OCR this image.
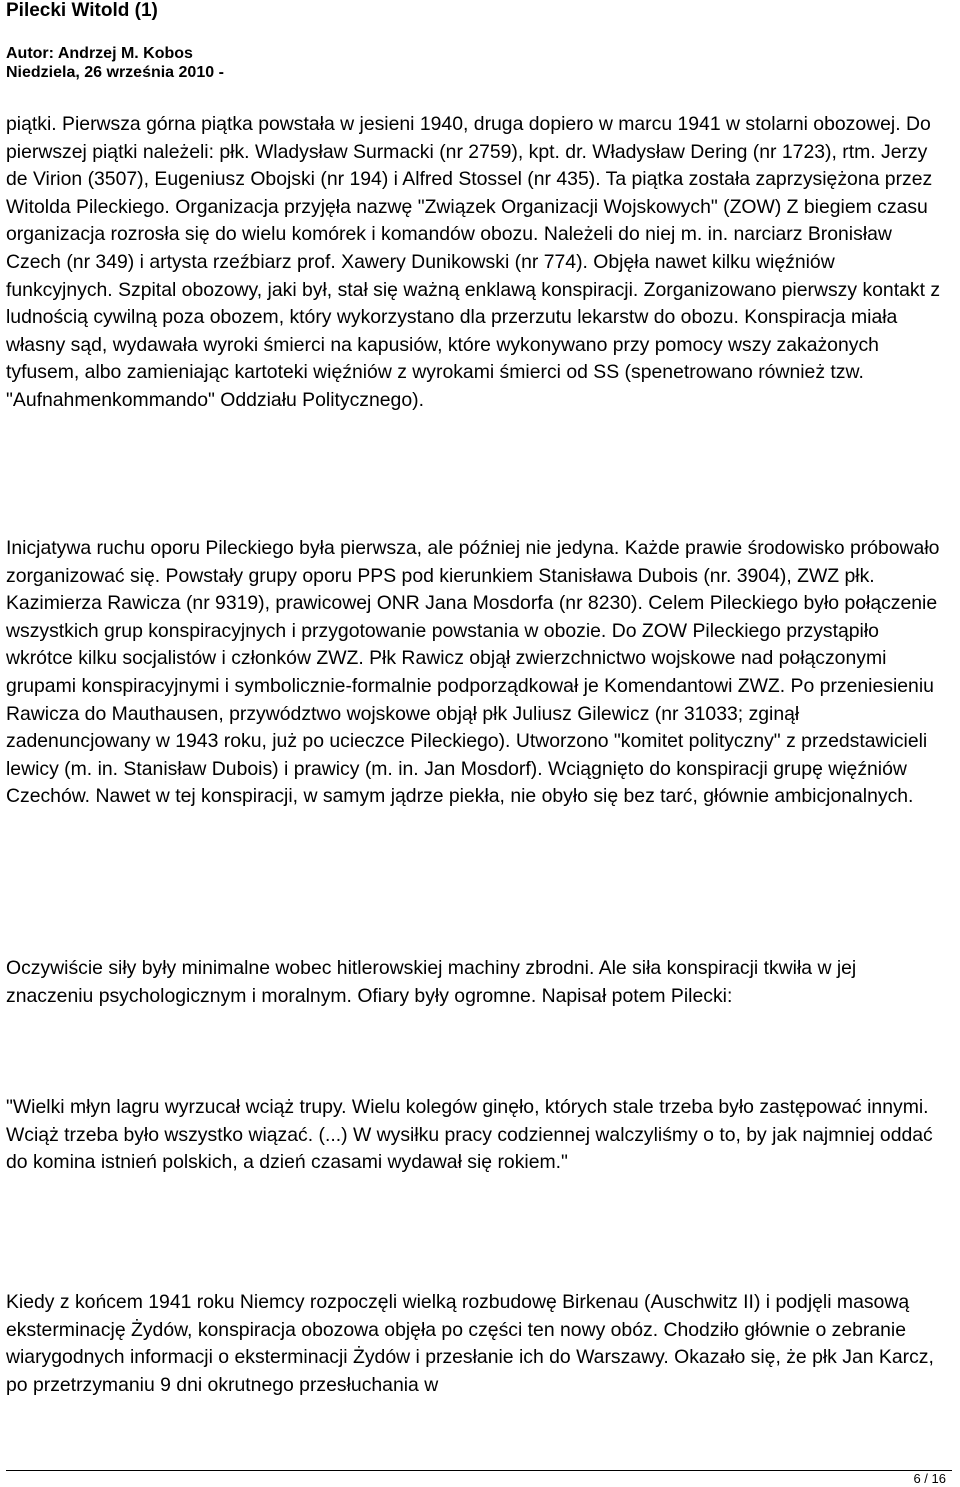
Pilecki Witold (1)
Autor: Andrzej M. Kobos
Niedziela, 26 września 2010 -

piątki. Pierwsza górna piątka powstała w jesieni 1940, druga dopiero w marcu 1941 w stolarni obozowej. Do pierwszej piątki należeli: płk. Wladysław Surmacki (nr 2759), kpt. dr. Władysław Dering (nr 1723), rtm. Jerzy de Virion (3507), Eugeniusz Obojski (nr 194) i Alfred Stossel (nr 435). Ta piątka została zaprzysiężona przez Witolda Pileckiego. Organizacja przyjęła nazwę "Związek Organizacji Wojskowych" (ZOW) Z biegiem czasu organizacja rozrosła się do wielu komórek i komandów obozu. Należeli do niej m. in. narciarz Bronisław Czech (nr 349) i artysta rzeźbiarz prof. Xawery Dunikowski (nr 774). Objęła nawet kilku więźniów funkcyjnych. Szpital obozowy, jaki był, stał się ważną enklawą konspiracji. Zorganizowano pierwszy kontakt z ludnością cywilną poza obozem, który wykorzystano dla przerzutu lekarstw do obozu. Konspiracja miała własny sąd, wydawała wyroki śmierci na kapusiów, które wykonywano przy pomocy wszy zakażonych tyfusem, albo zamieniając kartoteki więźniów z wyrokami śmierci od SS (spenetrowano również tzw. "Aufnahmenkommando" Oddziału Politycznego).

Inicjatywa ruchu oporu Pileckiego była pierwsza, ale później nie jedyna. Każde prawie środowisko próbowało zorganizować się. Powstały grupy oporu PPS pod kierunkiem Stanisława Dubois (nr. 3904), ZWZ płk. Kazimierza Rawicza (nr 9319), prawicowej ONR Jana Mosdorfa (nr 8230). Celem Pileckiego było połączenie wszystkich grup konspiracyjnych i przygotowanie powstania w obozie. Do ZOW Pileckiego przystąpiło wkrótce kilku socjalistów i członków ZWZ. Płk Rawicz objął zwierzchnictwo wojskowe nad połączonymi grupami konspiracyjnymi i symbolicznie-formalnie podporządkował je Komendantowi ZWZ. Po przeniesieniu Rawicza do Mauthausen, przywództwo wojskowe objął płk Juliusz Gilewicz (nr 31033; zginął zadenuncjowany w 1943 roku, już po ucieczce Pileckiego). Utworzono "komitet polityczny" z przedstawicieli lewicy (m. in. Stanisław Dubois) i prawicy (m. in. Jan Mosdorf). Wciągnięto do konspiracji grupę więźniów Czechów. Nawet w tej konspiracji, w samym jądrze piekła, nie obyło się bez tarć, głównie ambicjonalnych.

Oczywiście siły były minimalne wobec hitlerowskiej machiny zbrodni. Ale siła konspiracji tkwiła w jej znaczeniu psychologicznym i moralnym. Ofiary były ogromne. Napisał potem Pilecki:

"Wielki młyn lagru wyrzucał wciąż trupy. Wielu kolegów ginęło, których stale trzeba było zastępować innymi. Wciąż trzeba było wszystko wiązać. (...) W wysiłku pracy codziennej walczyliśmy o to, by jak najmniej oddać do komina istnień polskich, a dzień czasami wydawał się rokiem."

Kiedy z końcem 1941 roku Niemcy rozpoczęli wielką rozbudowę Birkenau (Auschwitz II) i podjęli masową eksterminację Żydów, konspiracja obozowa objęła po części ten nowy obóz. Chodziło głównie o zebranie wiarygodnych informacji o eksterminacji Żydów i przesłanie ich do Warszawy. Okazało się, że płk Jan Karcz, po przetrzymaniu 9 dni okrutnego przesłuchania w

6 / 16
